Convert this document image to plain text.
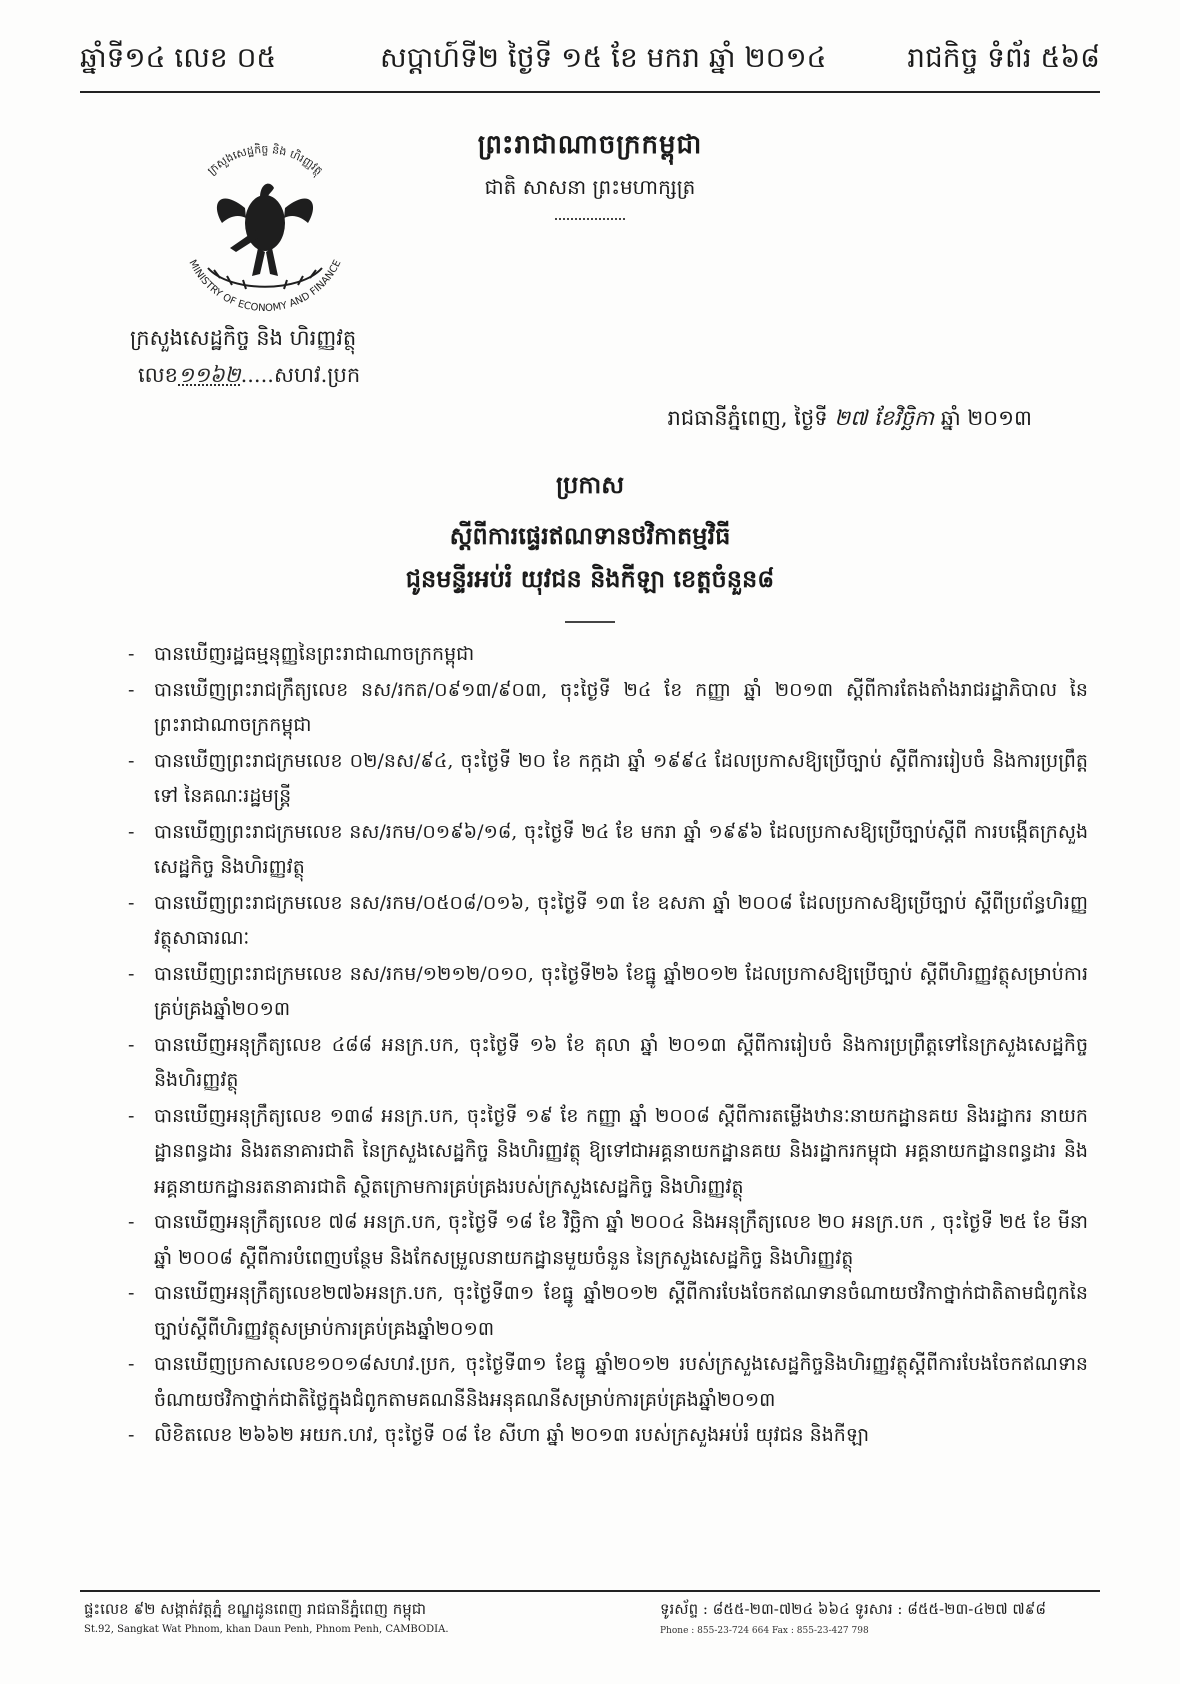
ឆ្នាំទី១៤ លេខ ០៥	សប្តាហ៍ទី២ ថ្ងៃទី ១៥ ខែ មករា ឆ្នាំ ២០១៤	រាជកិច្ច ទំព័រ ៥៦៨
ក្រសួងសេដ្ឋកិច្ច និង ហិរញ្ញវត្ថុ
MINISTRY OF ECONOMY AND FINANCE
ព្រះរាជាណាចក្រកម្ពុជា
ជាតិ សាសនា ព្រះមហាក្សត្រ
ក្រសួងសេដ្ឋកិច្ច និង ហិរញ្ញវត្ថុ
លេខ១១៦២.....សហវ.ប្រក
រាជធានីភ្នំពេញ, ថ្ងៃទី ២៧ ខែវិច្ឆិកា ឆ្នាំ ២០១៣
ប្រកាស
ស្តីពីការផ្ទេរឥណទានថវិកាតម្មវិធី
ជូនមន្ទីរអប់រំ យុវជន និងកីឡា ខេត្តចំនួន៨
- បានឃើញរដ្ឋធម្មនុញ្ញនៃព្រះរាជាណាចក្រកម្ពុជា
- បានឃើញព្រះរាជក្រឹត្យលេខ នស/រកត/០៩១៣/៩០៣, ចុះថ្ងៃទី ២៤ ខែ កញ្ញា ឆ្នាំ ២០១៣ ស្តីពីការតែងតាំងរាជរដ្ឋាភិបាល នៃព្រះរាជាណាចក្រកម្ពុជា
- បានឃើញព្រះរាជក្រមលេខ ០២/នស/៩៤, ចុះថ្ងៃទី ២០ ខែ កក្កដា ឆ្នាំ ១៩៩៤ ដែលប្រកាសឱ្យប្រើច្បាប់ ស្តីពីការរៀបចំ និងការប្រព្រឹត្តទៅ នៃគណៈរដ្ឋមន្ត្រី
- បានឃើញព្រះរាជក្រមលេខ នស/រកម/០១៩៦/១៨, ចុះថ្ងៃទី ២៤ ខែ មករា ឆ្នាំ ១៩៩៦ ដែលប្រកាសឱ្យប្រើច្បាប់ស្តីពី ការបង្កើតក្រសួងសេដ្ឋកិច្ច និងហិរញ្ញវត្ថុ
- បានឃើញព្រះរាជក្រមលេខ នស/រកម/០៥០៨/០១៦, ចុះថ្ងៃទី ១៣ ខែ ឧសភា ឆ្នាំ ២០០៨ ដែលប្រកាសឱ្យប្រើច្បាប់ ស្តីពីប្រព័ន្ធហិរញ្ញវត្ថុសាធារណៈ
- បានឃើញព្រះរាជក្រមលេខ នស/រកម/១២១២/០១០, ចុះថ្ងៃទី២៦ ខែធ្នូ ឆ្នាំ២០១២ ដែលប្រកាសឱ្យប្រើច្បាប់ ស្តីពីហិរញ្ញវត្ថុសម្រាប់ការគ្រប់គ្រងឆ្នាំ២០១៣
- បានឃើញអនុក្រឹត្យលេខ ៤៨៨ អនក្រ.បក, ចុះថ្ងៃទី ១៦ ខែ តុលា ឆ្នាំ ២០១៣ ស្តីពីការរៀបចំ និងការប្រព្រឹត្តទៅនៃក្រសួងសេដ្ឋកិច្ច និងហិរញ្ញវត្ថុ
- បានឃើញអនុក្រឹត្យលេខ ១៣៨ អនក្រ.បក, ចុះថ្ងៃទី ១៩ ខែ កញ្ញា ឆ្នាំ ២០០៨ ស្តីពីការតម្លើងឋានៈនាយកដ្ឋានគយ និងរដ្ឋាករ នាយកដ្ឋានពន្ធដារ និងរតនាគារជាតិ នៃក្រសួងសេដ្ឋកិច្ច និងហិរញ្ញវត្ថុ ឱ្យទៅជាអគ្គនាយកដ្ឋានគយ និងរដ្ឋាករកម្ពុជា អគ្គនាយកដ្ឋានពន្ធដារ និងអគ្គនាយកដ្ឋានរតនាគារជាតិ ស្ថិតក្រោមការគ្រប់គ្រងរបស់ក្រសួងសេដ្ឋកិច្ច និងហិរញ្ញវត្ថុ
- បានឃើញអនុក្រឹត្យលេខ ៧៨ អនក្រ.បក, ចុះថ្ងៃទី ១៨ ខែ វិច្ឆិកា ឆ្នាំ ២០០៤ និងអនុក្រឹត្យលេខ ២០ អនក្រ.បក , ចុះថ្ងៃទី ២៥ ខែ មីនា ឆ្នាំ ២០០៨ ស្តីពីការបំពេញបន្ថែម និងកែសម្រួលនាយកដ្ឋានមួយចំនួន នៃក្រសួងសេដ្ឋកិច្ច និងហិរញ្ញវត្ថុ
- បានឃើញអនុក្រឹត្យលេខ២៧៦អនក្រ.បក, ចុះថ្ងៃទី៣១ ខែធ្នូ ឆ្នាំ២០១២ ស្តីពីការបែងចែកឥណទានចំណាយថវិកាថ្នាក់ជាតិតាមជំពូកនៃច្បាប់ស្តីពីហិរញ្ញវត្ថុសម្រាប់ការគ្រប់គ្រងឆ្នាំ២០១៣
- បានឃើញប្រកាសលេខ១០១៨សហវ.ប្រក, ចុះថ្ងៃទី៣១ ខែធ្នូ ឆ្នាំ២០១២ របស់ក្រសួងសេដ្ឋកិច្ចនិងហិរញ្ញវត្ថុស្តីពីការបែងចែកឥណទានចំណាយថវិកាថ្នាក់ជាតិថ្លៃក្នុងជំពូកតាមគណនីនិងអនុគណនីសម្រាប់ការគ្រប់គ្រងឆ្នាំ២០១៣
- លិខិតលេខ ២៦៦២ អយក.ហវ, ចុះថ្ងៃទី ០៨ ខែ សីហា ឆ្នាំ ២០១៣ របស់ក្រសួងអប់រំ យុវជន និងកីឡា
ផ្ទះលេខ ៩២ សង្កាត់វត្តភ្នំ ខណ្ឌដូនពេញ រាជធានីភ្នំពេញ កម្ពុជា
St.92, Sangkat Wat Phnom, khan Daun Penh, Phnom Penh, CAMBODIA.
ទូរស័ព្ទ : ៨៥៥-២៣-៧២៤ ៦៦៤ ទូរសារ : ៨៥៥-២៣-៤២៧ ៧៩៨
Phone : 855-23-724 664 Fax : 855-23-427 798
